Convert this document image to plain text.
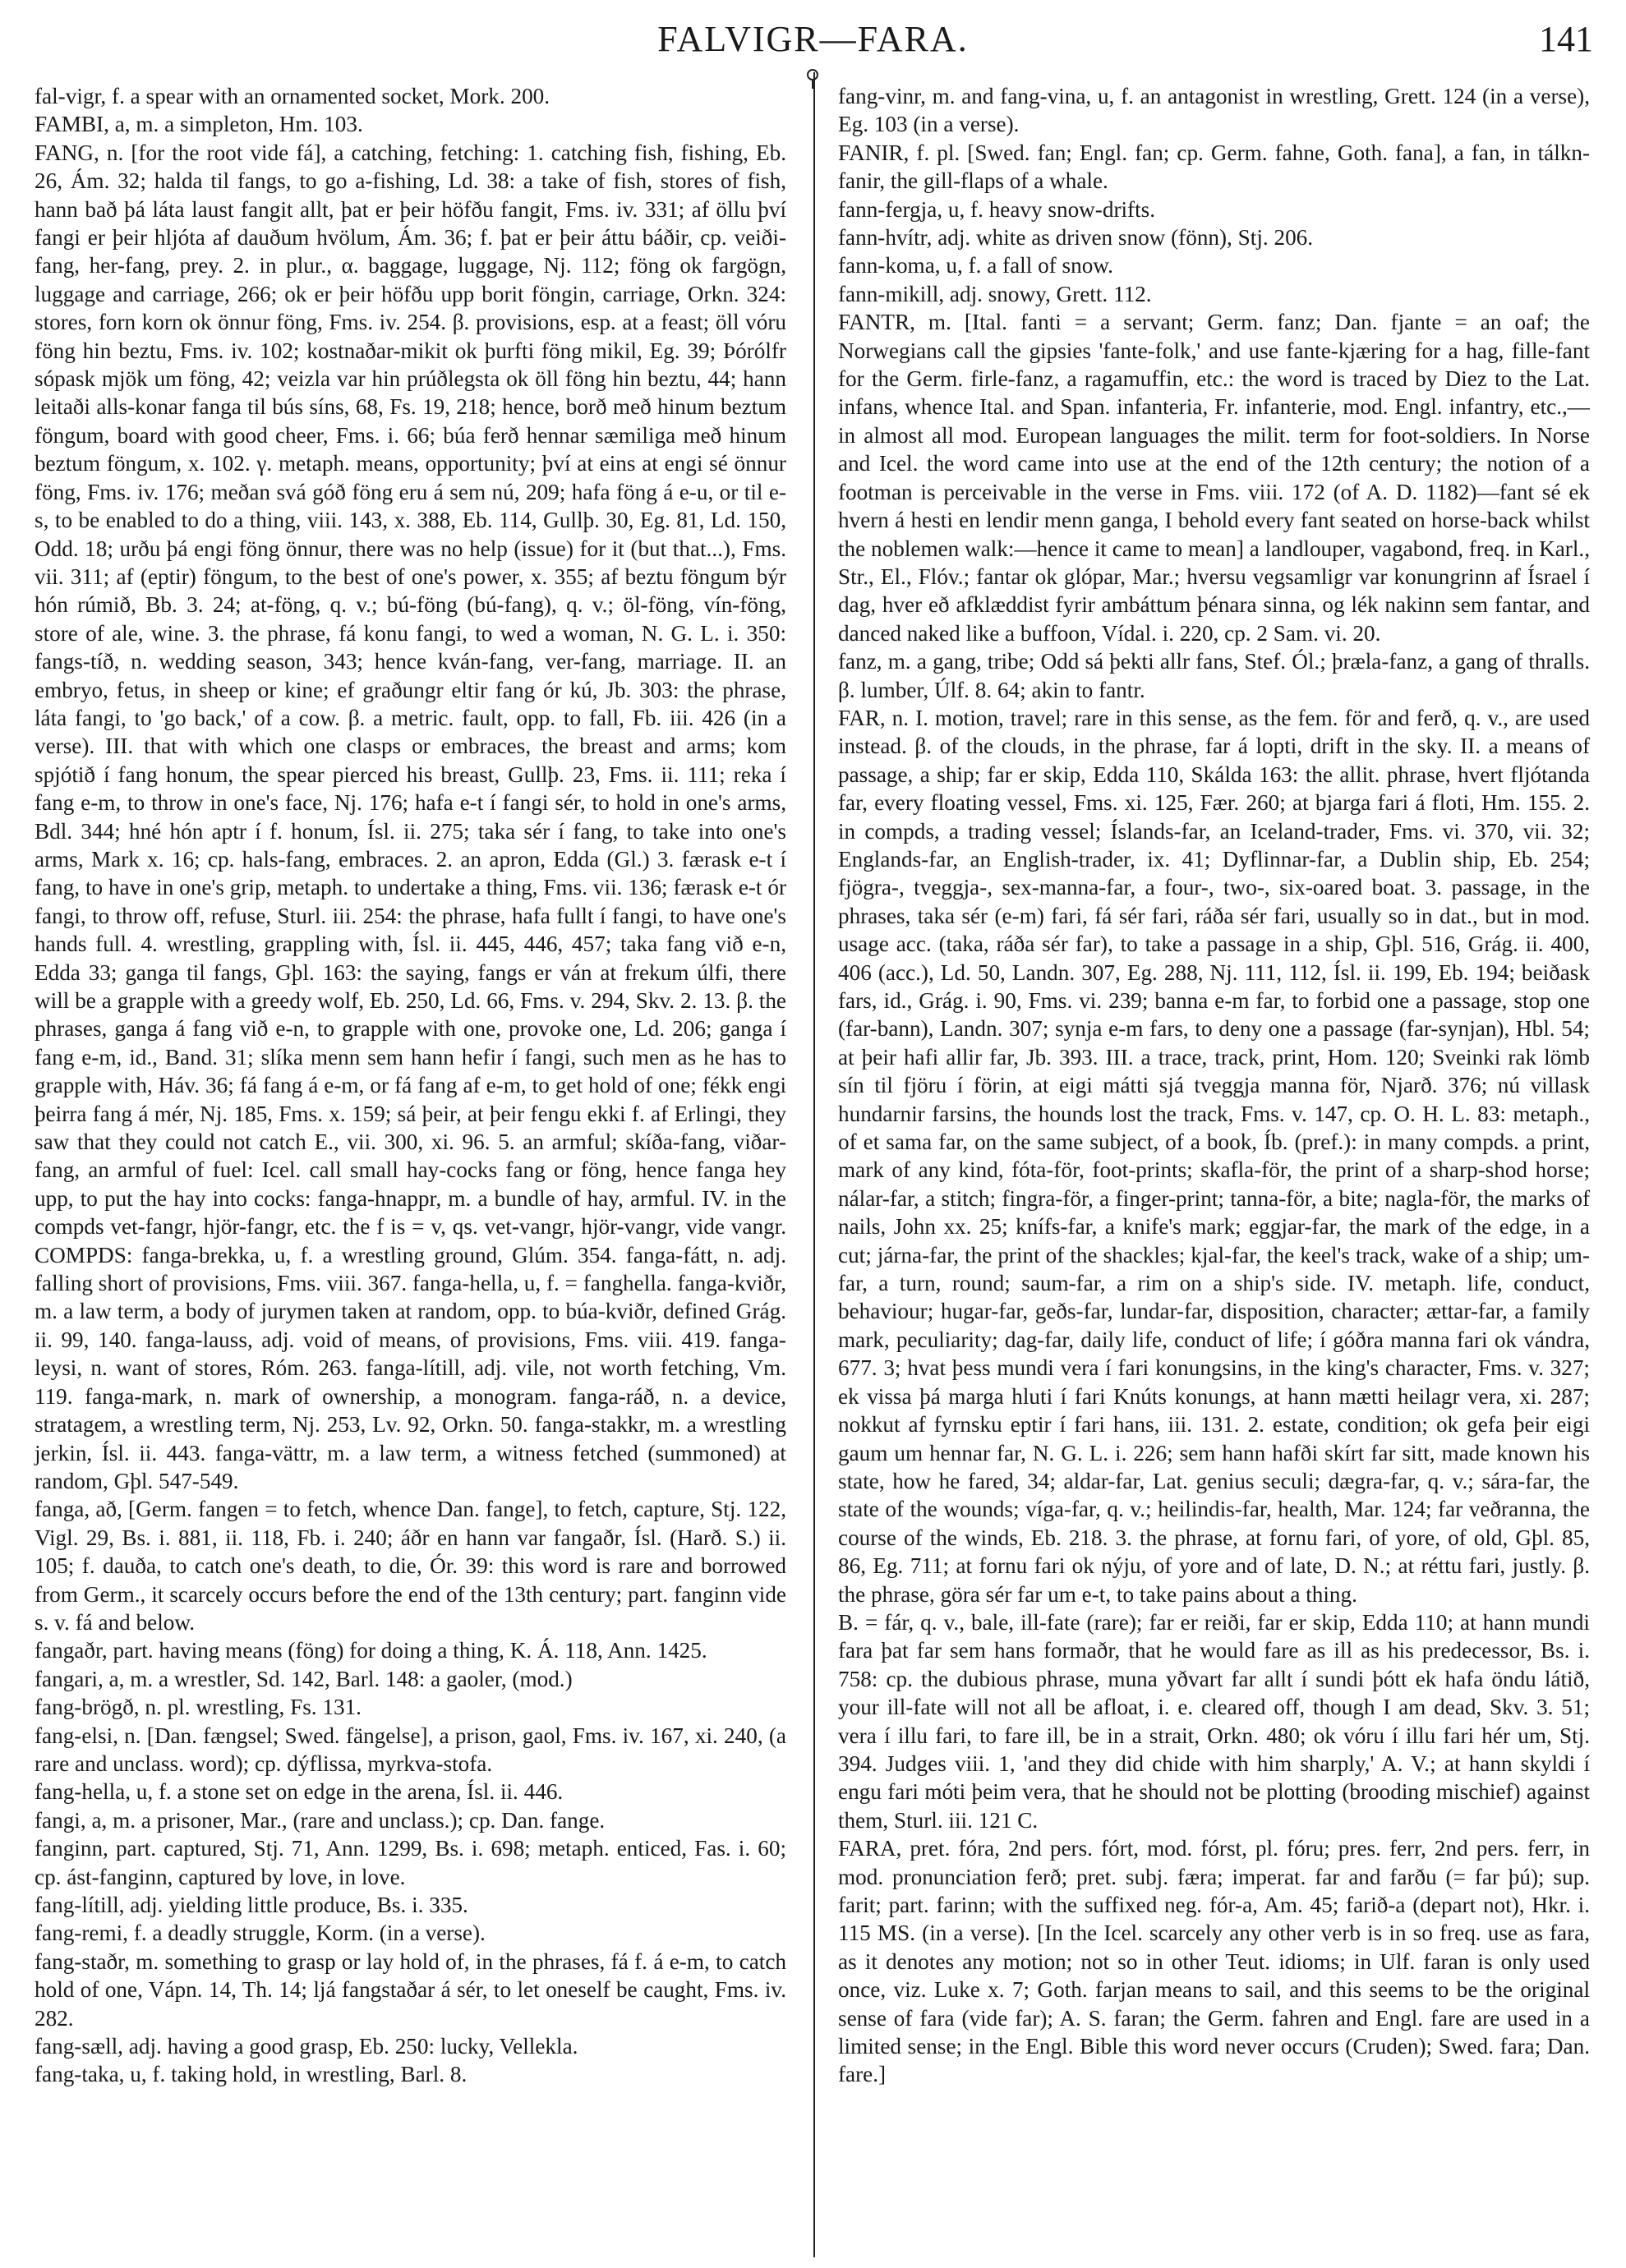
FALVIGR—FARA.	141

fal-vigr, f. a spear with an ornamented socket, Mork. 200.

FAMBI, a, m. a simpleton, Hm. 103.

FANG, n. [for the root vide fá], a catching, fetching: 1. catching fish, fishing, Eb. 26, Ám. 32; halda til fangs, to go a-fishing, Ld. 38: a take of fish, stores of fish, hann bað þá láta laust fangit allt, þat er þeir höfðu fangit, Fms. iv. 331; af öllu því fangi er þeir hljóta af dauðum hvölum, Ám. 36; f. þat er þeir áttu báðir, cp. veiði-fang, her-fang, prey. 2. in plur., α. baggage, luggage, Nj. 112; föng ok fargögn, luggage and carriage, 266; ok er þeir höfðu upp borit föngin, carriage, Orkn. 324: stores, forn korn ok önnur föng, Fms. iv. 254. β. provisions, esp. at a feast; öll vóru föng hin beztu, Fms. iv. 102; kostnaðar-mikit ok þurfti föng mikil, Eg. 39; Þórólfr sópask mjök um föng, 42; veizla var hin prúðlegsta ok öll föng hin beztu, 44; hann leitaði alls-konar fanga til bús síns, 68, Fs. 19, 218; hence, borð með hinum beztum föngum, board with good cheer, Fms. i. 66; búa ferð hennar sæmiliga með hinum beztum föngum, x. 102. γ. metaph. means, opportunity; því at eins at engi sé önnur föng, Fms. iv. 176; meðan svá góð föng eru á sem nú, 209; hafa föng á e-u, or til e-s, to be enabled to do a thing, viii. 143, x. 388, Eb. 114, Gullþ. 30, Eg. 81, Ld. 150, Odd. 18; urðu þá engi föng önnur, there was no help (issue) for it (but that...), Fms. vii. 311; af (eptir) föngum, to the best of one's power, x. 355; af beztu föngum býr hón rúmið, Bb. 3. 24; at-föng, q. v.; bú-föng (bú-fang), q. v.; öl-föng, vín-föng, store of ale, wine. 3. the phrase, fá konu fangi, to wed a woman, N. G. L. i. 350: fangs-tíð, n. wedding season, 343; hence kván-fang, ver-fang, marriage. II. an embryo, fetus, in sheep or kine; ef graðungr eltir fang ór kú, Jb. 303: the phrase, láta fangi, to 'go back,' of a cow. β. a metric. fault, opp. to fall, Fb. iii. 426 (in a verse). III. that with which one clasps or embraces, the breast and arms; kom spjótið í fang honum, the spear pierced his breast, Gullþ. 23, Fms. ii. 111; reka í fang e-m, to throw in one's face, Nj. 176; hafa e-t í fangi sér, to hold in one's arms, Bdl. 344; hné hón aptr í f. honum, Ísl. ii. 275; taka sér í fang, to take into one's arms, Mark x. 16; cp. hals-fang, embraces. 2. an apron, Edda (Gl.) 3. færask e-t í fang, to have in one's grip, metaph. to undertake a thing, Fms. vii. 136; færask e-t ór fangi, to throw off, refuse, Sturl. iii. 254: the phrase, hafa fullt í fangi, to have one's hands full. 4. wrestling, grappling with, Ísl. ii. 445, 446, 457; taka fang við e-n, Edda 33; ganga til fangs, Gþl. 163: the saying, fangs er ván at frekum úlfi, there will be a grapple with a greedy wolf, Eb. 250, Ld. 66, Fms. v. 294, Skv. 2. 13. β. the phrases, ganga á fang við e-n, to grapple with one, provoke one, Ld. 206; ganga í fang e-m, id., Band. 31; slíka menn sem hann hefir í fangi, such men as he has to grapple with, Háv. 36; fá fang á e-m, or fá fang af e-m, to get hold of one; fékk engi þeirra fang á mér, Nj. 185, Fms. x. 159; sá þeir, at þeir fengu ekki f. af Erlingi, they saw that they could not catch E., vii. 300, xi. 96. 5. an armful; skíða-fang, viðar-fang, an armful of fuel: Icel. call small hay-cocks fang or föng, hence fanga hey upp, to put the hay into cocks: fanga-hnappr, m. a bundle of hay, armful. IV. in the compds vet-fangr, hjör-fangr, etc. the f is = v, qs. vet-vangr, hjör-vangr, vide vangr. COMPDS: fanga-brekka, u, f. a wrestling ground, Glúm. 354. fanga-fátt, n. adj. falling short of provisions, Fms. viii. 367. fanga-hella, u, f. = fanghella. fanga-kviðr, m. a law term, a body of jurymen taken at random, opp. to búa-kviðr, defined Grág. ii. 99, 140. fanga-lauss, adj. void of means, of provisions, Fms. viii. 419. fanga-leysi, n. want of stores, Róm. 263. fanga-lítill, adj. vile, not worth fetching, Vm. 119. fanga-mark, n. mark of ownership, a monogram. fanga-ráð, n. a device, stratagem, a wrestling term, Nj. 253, Lv. 92, Orkn. 50. fanga-stakkr, m. a wrestling jerkin, Ísl. ii. 443. fanga-vättr, m. a law term, a witness fetched (summoned) at random, Gþl. 547-549.

fanga, að, [Germ. fangen = to fetch, whence Dan. fange], to fetch, capture, Stj. 122, Vigl. 29, Bs. i. 881, ii. 118, Fb. i. 240; áðr en hann var fangaðr, Ísl. (Harð. S.) ii. 105; f. dauða, to catch one's death, to die, Ór. 39: this word is rare and borrowed from Germ., it scarcely occurs before the end of the 13th century; part. fanginn vide s. v. fá and below.

fangaðr, part. having means (föng) for doing a thing, K. Á. 118, Ann. 1425.

fangari, a, m. a wrestler, Sd. 142, Barl. 148: a gaoler, (mod.)

fang-brögð, n. pl. wrestling, Fs. 131.

fang-elsi, n. [Dan. fængsel; Swed. fängelse], a prison, gaol, Fms. iv. 167, xi. 240, (a rare and unclass. word); cp. dýflissa, myrkva-stofa.

fang-hella, u, f. a stone set on edge in the arena, Ísl. ii. 446.

fangi, a, m. a prisoner, Mar., (rare and unclass.); cp. Dan. fange.

fanginn, part. captured, Stj. 71, Ann. 1299, Bs. i. 698; metaph. enticed, Fas. i. 60; cp. ást-fanginn, captured by love, in love.

fang-lítill, adj. yielding little produce, Bs. i. 335.

fang-remi, f. a deadly struggle, Korm. (in a verse).

fang-staðr, m. something to grasp or lay hold of, in the phrases, fá f. á e-m, to catch hold of one, Vápn. 14, Th. 14; ljá fangstaðar á sér, to let oneself be caught, Fms. iv. 282.

fang-sæll, adj. having a good grasp, Eb. 250: lucky, Vellekla.

fang-taka, u, f. taking hold, in wrestling, Barl. 8.

fang-vinr, m. and fang-vina, u, f. an antagonist in wrestling, Grett. 124 (in a verse), Eg. 103 (in a verse).

FANIR, f. pl. [Swed. fan; Engl. fan; cp. Germ. fahne, Goth. fana], a fan, in tálkn-fanir, the gill-flaps of a whale.

fann-fergja, u, f. heavy snow-drifts.

fann-hvítr, adj. white as driven snow (fönn), Stj. 206.

fann-koma, u, f. a fall of snow.

fann-mikill, adj. snowy, Grett. 112.

FANTR, m. [Ital. fanti = a servant; Germ. fanz; Dan. fjante = an oaf; the Norwegians call the gipsies 'fante-folk,' and use fante-kjæring for a hag, fille-fant for the Germ. firle-fanz, a ragamuffin, etc.: the word is traced by Diez to the Lat. infans, whence Ital. and Span. infanteria, Fr. infanterie, mod. Engl. infantry, etc.,—in almost all mod. European languages the milit. term for foot-soldiers. In Norse and Icel. the word came into use at the end of the 12th century; the notion of a footman is perceivable in the verse in Fms. viii. 172 (of A. D. 1182)—fant sé ek hvern á hesti en lendir menn ganga, I behold every fant seated on horse-back whilst the noblemen walk:—hence it came to mean] a landlouper, vagabond, freq. in Karl., Str., El., Flóv.; fantar ok glópar, Mar.; hversu vegsamligr var konungrinn af Ísrael í dag, hver eð afklæddist fyrir ambáttum þénara sinna, og lék nakinn sem fantar, and danced naked like a buffoon, Vídal. i. 220, cp. 2 Sam. vi. 20.

fanz, m. a gang, tribe; Odd sá þekti allr fans, Stef. Ól.; þræla-fanz, a gang of thralls. β. lumber, Úlf. 8. 64; akin to fantr.

FAR, n. I. motion, travel; rare in this sense, as the fem. för and ferð, q. v., are used instead. β. of the clouds, in the phrase, far á lopti, drift in the sky. II. a means of passage, a ship; far er skip, Edda 110, Skálda 163: the allit. phrase, hvert fljótanda far, every floating vessel, Fms. xi. 125, Fær. 260; at bjarga fari á floti, Hm. 155. 2. in compds, a trading vessel; Íslands-far, an Iceland-trader, Fms. vi. 370, vii. 32; Englands-far, an English-trader, ix. 41; Dyflinnar-far, a Dublin ship, Eb. 254; fjögra-, tveggja-, sex-manna-far, a four-, two-, six-oared boat. 3. passage, in the phrases, taka sér (e-m) fari, fá sér fari, ráða sér fari, usually so in dat., but in mod. usage acc. (taka, ráða sér far), to take a passage in a ship, Gþl. 516, Grág. ii. 400, 406 (acc.), Ld. 50, Landn. 307, Eg. 288, Nj. 111, 112, Ísl. ii. 199, Eb. 194; beiðask fars, id., Grág. i. 90, Fms. vi. 239; banna e-m far, to forbid one a passage, stop one (far-bann), Landn. 307; synja e-m fars, to deny one a passage (far-synjan), Hbl. 54; at þeir hafi allir far, Jb. 393. III. a trace, track, print, Hom. 120; Sveinki rak lömb sín til fjöru í förin, at eigi mátti sjá tveggja manna för, Njarð. 376; nú villask hundarnir farsins, the hounds lost the track, Fms. v. 147, cp. O. H. L. 83: metaph., of et sama far, on the same subject, of a book, Íb. (pref.): in many compds. a print, mark of any kind, fóta-för, foot-prints; skafla-för, the print of a sharp-shod horse; nálar-far, a stitch; fingra-för, a finger-print; tanna-för, a bite; nagla-för, the marks of nails, John xx. 25; knífs-far, a knife's mark; eggjar-far, the mark of the edge, in a cut; járna-far, the print of the shackles; kjal-far, the keel's track, wake of a ship; um-far, a turn, round; saum-far, a rim on a ship's side. IV. metaph. life, conduct, behaviour; hugar-far, geðs-far, lundar-far, disposition, character; ættar-far, a family mark, peculiarity; dag-far, daily life, conduct of life; í góðra manna fari ok vándra, 677. 3; hvat þess mundi vera í fari konungsins, in the king's character, Fms. v. 327; ek vissa þá marga hluti í fari Knúts konungs, at hann mætti heilagr vera, xi. 287; nokkut af fyrnsku eptir í fari hans, iii. 131. 2. estate, condition; ok gefa þeir eigi gaum um hennar far, N. G. L. i. 226; sem hann hafði skírt far sitt, made known his state, how he fared, 34; aldar-far, Lat. genius seculi; dægra-far, q. v.; sára-far, the state of the wounds; víga-far, q. v.; heilindis-far, health, Mar. 124; far veðranna, the course of the winds, Eb. 218. 3. the phrase, at fornu fari, of yore, of old, Gþl. 85, 86, Eg. 711; at fornu fari ok nýju, of yore and of late, D. N.; at réttu fari, justly. β. the phrase, göra sér far um e-t, to take pains about a thing.

B. = fár, q. v., bale, ill-fate (rare); far er reiði, far er skip, Edda 110; at hann mundi fara þat far sem hans formaðr, that he would fare as ill as his predecessor, Bs. i. 758: cp. the dubious phrase, muna yðvart far allt í sundi þótt ek hafa öndu látið, your ill-fate will not all be afloat, i. e. cleared off, though I am dead, Skv. 3. 51; vera í illu fari, to fare ill, be in a strait, Orkn. 480; ok vóru í illu fari hér um, Stj. 394. Judges viii. 1, 'and they did chide with him sharply,' A. V.; at hann skyldi í engu fari móti þeim vera, that he should not be plotting (brooding mischief) against them, Sturl. iii. 121 C.

FARA, pret. fóra, 2nd pers. fórt, mod. fórst, pl. fóru; pres. ferr, 2nd pers. ferr, in mod. pronunciation ferð; pret. subj. færa; imperat. far and farðu (= far þú); sup. farit; part. farinn; with the suffixed neg. fór-a, Am. 45; farið-a (depart not), Hkr. i. 115 MS. (in a verse). [In the Icel. scarcely any other verb is in so freq. use as fara, as it denotes any motion; not so in other Teut. idioms; in Ulf. faran is only used once, viz. Luke x. 7; Goth. farjan means to sail, and this seems to be the original sense of fara (vide far); A. S. faran; the Germ. fahren and Engl. fare are used in a limited sense; in the Engl. Bible this word never occurs (Cruden); Swed. fara; Dan. fare.]
